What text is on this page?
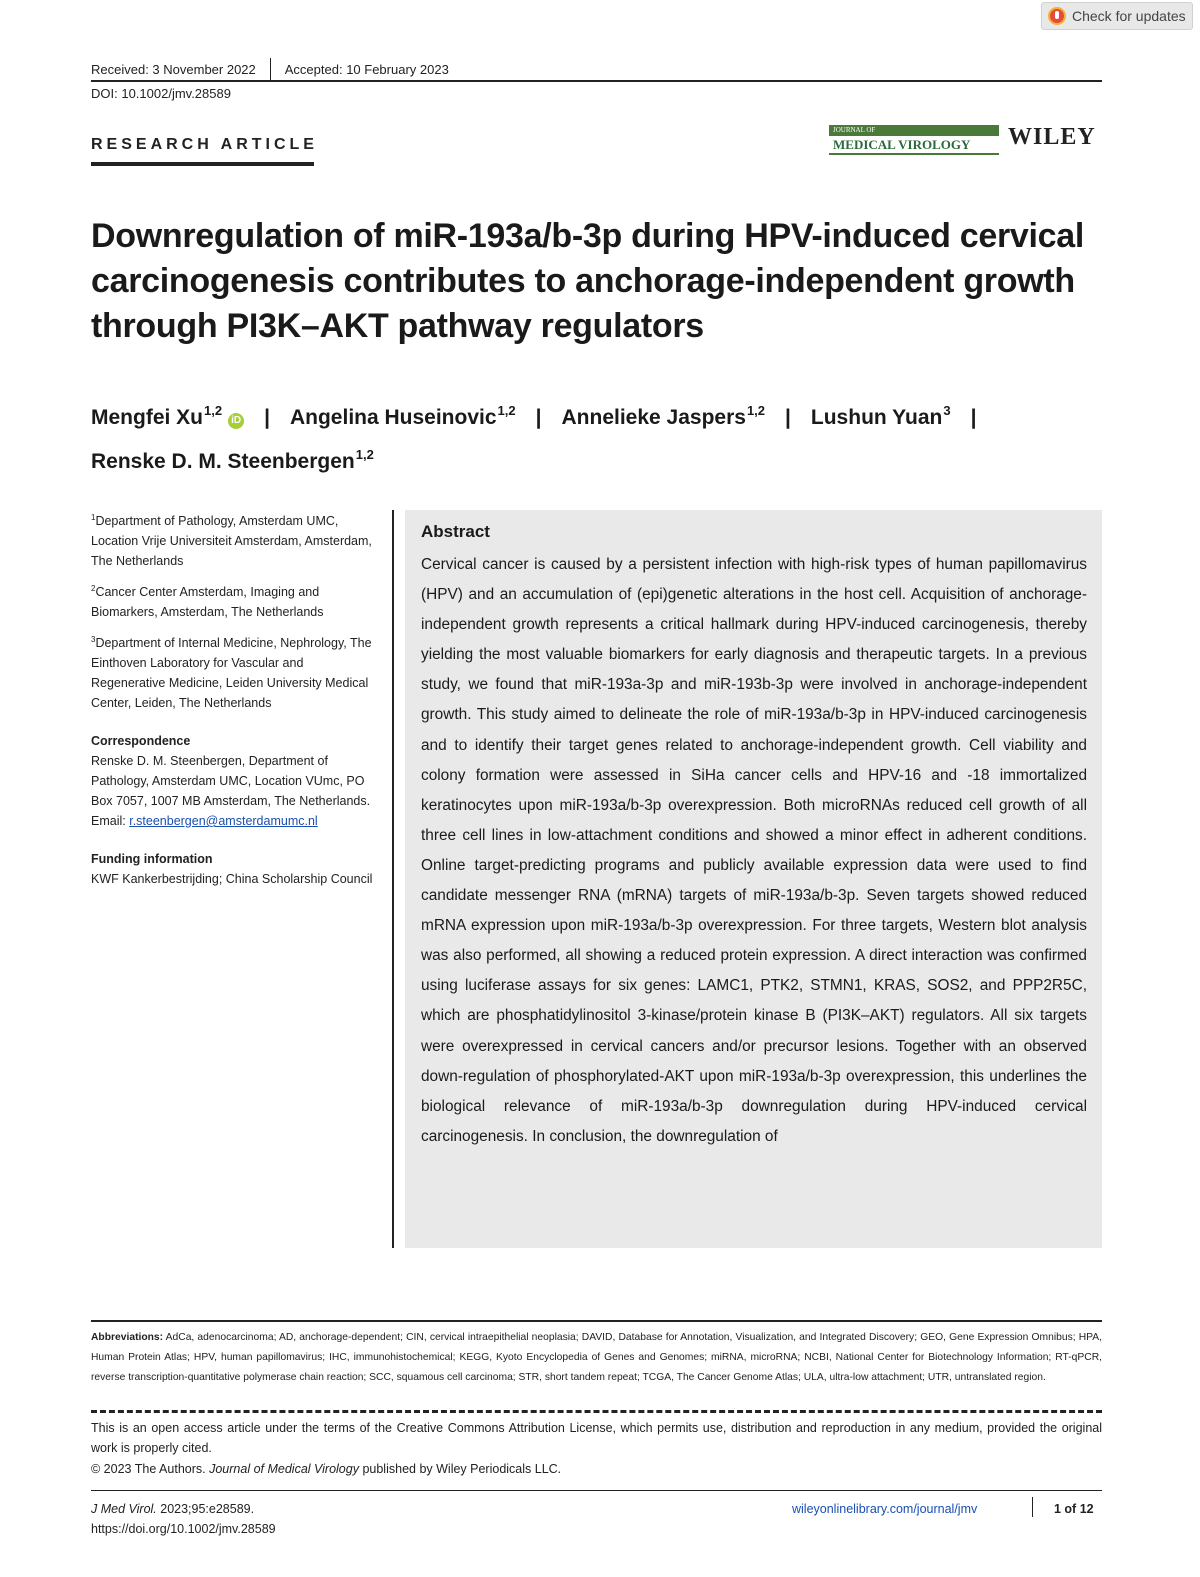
Check for updates
Received: 3 November 2022 Accepted: 10 February 2023
DOI: 10.1002/jmv.28589
RESEARCH ARTICLE
JOURNAL OF
MEDICAL VIROLOGY	WILEY
Downregulation of miR-193a/b-3p during HPV-induced cervical carcinogenesis contributes to anchorage-independent growth through PI3K–AKT pathway regulators
Mengfei Xu$^{1,2}$iD | Angelina Huseinovic$^{1,2}$ | Annelieke Jaspers$^{1,2}$ | Lushun Yuan$^3$ |
Renske D. M. Steenbergen$^{1,2}$
$^1$Department of Pathology, Amsterdam UMC, Location Vrije Universiteit Amsterdam, Amsterdam, The Netherlands
$^2$Cancer Center Amsterdam, Imaging and Biomarkers, Amsterdam, The Netherlands
$^3$Department of Internal Medicine, Nephrology, The Einthoven Laboratory for Vascular and Regenerative Medicine, Leiden University Medical Center, Leiden, The Netherlands
Correspondence
Renske D. M. Steenbergen, Department of Pathology, Amsterdam UMC, Location VUmc, PO Box 7057, 1007 MB Amsterdam, The Netherlands.
Email: r.steenbergen@amsterdamumc.nl
Funding information
KWF Kankerbestrijding; China Scholarship Council
Abstract
Cervical cancer is caused by a persistent infection with high-risk types of human papillomavirus (HPV) and an accumulation of (epi)genetic alterations in the host cell. Acquisition of anchorage-independent growth represents a critical hallmark during HPV-induced carcinogenesis, thereby yielding the most valuable biomarkers for early diagnosis and therapeutic targets. In a previous study, we found that miR-193a-3p and miR-193b-3p were involved in anchorage-independent growth. This study aimed to delineate the role of miR-193a/b-3p in HPV-induced carcinogenesis and to identify their target genes related to anchorage-independent growth. Cell viability and colony formation were assessed in SiHa cancer cells and HPV-16 and -18 immortalized keratinocytes upon miR-193a/b-3p overexpression. Both microRNAs reduced cell growth of all three cell lines in low-attachment conditions and showed a minor effect in adherent conditions. Online target-predicting programs and publicly available expression data were used to find candidate messenger RNA (mRNA) targets of miR-193a/b-3p. Seven targets showed reduced mRNA expression upon miR-193a/b-3p overexpression. For three targets, Western blot analysis was also performed, all showing a reduced protein expression. A direct interaction was confirmed using luciferase assays for six genes: LAMC1, PTK2, STMN1, KRAS, SOS2, and PPP2R5C, which are phosphatidylinositol 3-kinase/protein kinase B (PI3K–AKT) regulators. All six targets were overexpressed in cervical cancers and/or precursor lesions. Together with an observed down-regulation of phosphorylated-AKT upon miR-193a/b-3p overexpression, this underlines the biological relevance of miR-193a/b-3p downregulation during HPV-induced cervical carcinogenesis. In conclusion, the downregulation of
Abbreviations: AdCa, adenocarcinoma; AD, anchorage-dependent; CIN, cervical intraepithelial neoplasia; DAVID, Database for Annotation, Visualization, and Integrated Discovery; GEO, Gene Expression Omnibus; HPA, Human Protein Atlas; HPV, human papillomavirus; IHC, immunohistochemical; KEGG, Kyoto Encyclopedia of Genes and Genomes; miRNA, microRNA; NCBI, National Center for Biotechnology Information; RT-qPCR, reverse transcription-quantitative polymerase chain reaction; SCC, squamous cell carcinoma; STR, short tandem repeat; TCGA, The Cancer Genome Atlas; ULA, ultra-low attachment; UTR, untranslated region.
This is an open access article under the terms of the Creative Commons Attribution License, which permits use, distribution and reproduction in any medium, provided the original work is properly cited.
© 2023 The Authors. Journal of Medical Virology published by Wiley Periodicals LLC.
J Med Virol. 2023;95:e28589.
https://doi.org/10.1002/jmv.28589
wileyonlinelibrary.com/journal/jmv	1 of 12
